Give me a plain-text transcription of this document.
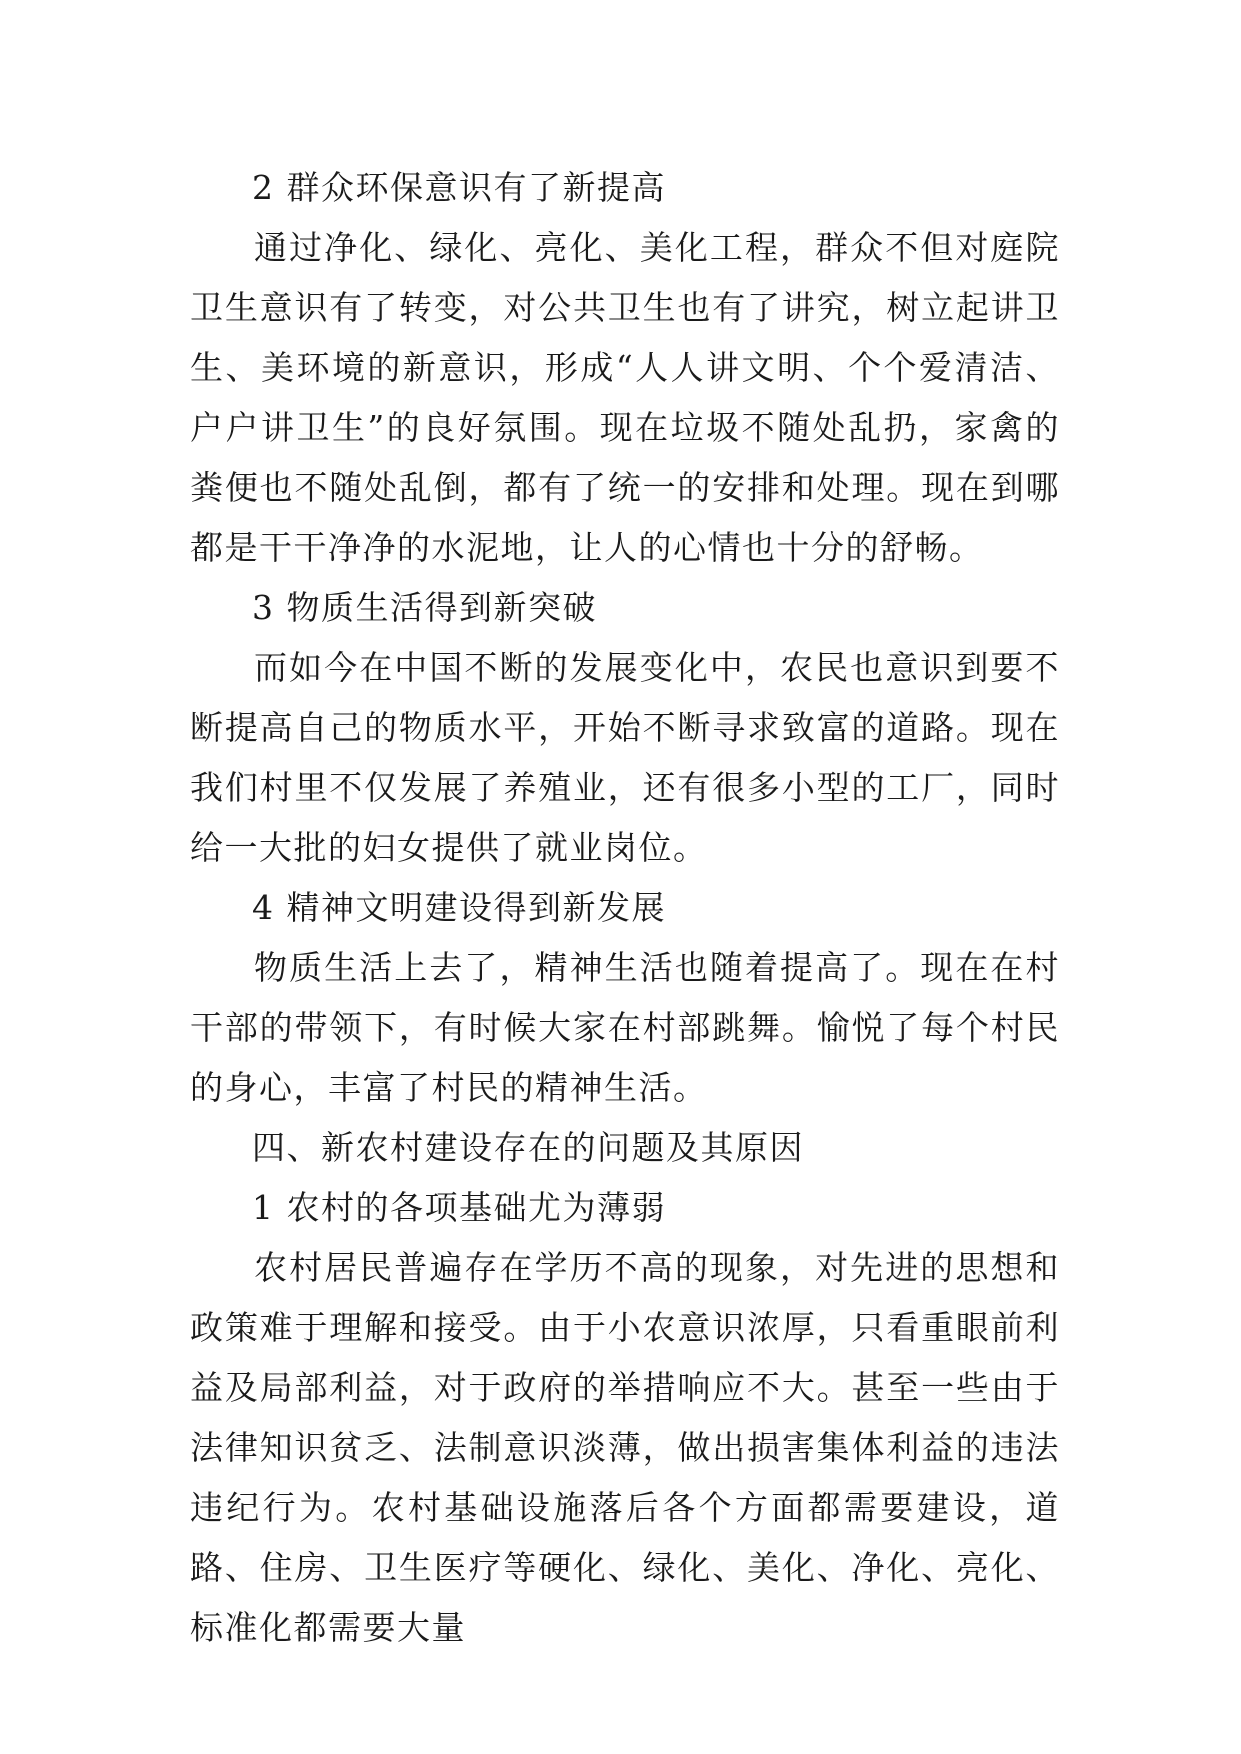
2 群众环保意识有了新提高

通过净化、绿化、亮化、美化工程，群众不但对庭院卫生意识有了转变，对公共卫生也有了讲究，树立起讲卫生、美环境的新意识，形成“人人讲文明、个个爱清洁、户户讲卫生”的良好氛围。现在垃圾不随处乱扔，家禽的粪便也不随处乱倒，都有了统一的安排和处理。现在到哪都是干干净净的水泥地，让人的心情也十分的舒畅。

3 物质生活得到新突破

而如今在中国不断的发展变化中，农民也意识到要不断提高自己的物质水平，开始不断寻求致富的道路。现在我们村里不仅发展了养殖业，还有很多小型的工厂，同时给一大批的妇女提供了就业岗位。

4 精神文明建设得到新发展

物质生活上去了，精神生活也随着提高了。现在在村干部的带领下，有时候大家在村部跳舞。愉悦了每个村民的身心，丰富了村民的精神生活。

四、新农村建设存在的问题及其原因

1 农村的各项基础尤为薄弱

农村居民普遍存在学历不高的现象，对先进的思想和政策难于理解和接受。由于小农意识浓厚，只看重眼前利益及局部利益，对于政府的举措响应不大。甚至一些由于法律知识贫乏、法制意识淡薄，做出损害集体利益的违法违纪行为。农村基础设施落后各个方面都需要建设，道路、住房、卫生医疗等硬化、绿化、美化、净化、亮化、标准化都需要大量
